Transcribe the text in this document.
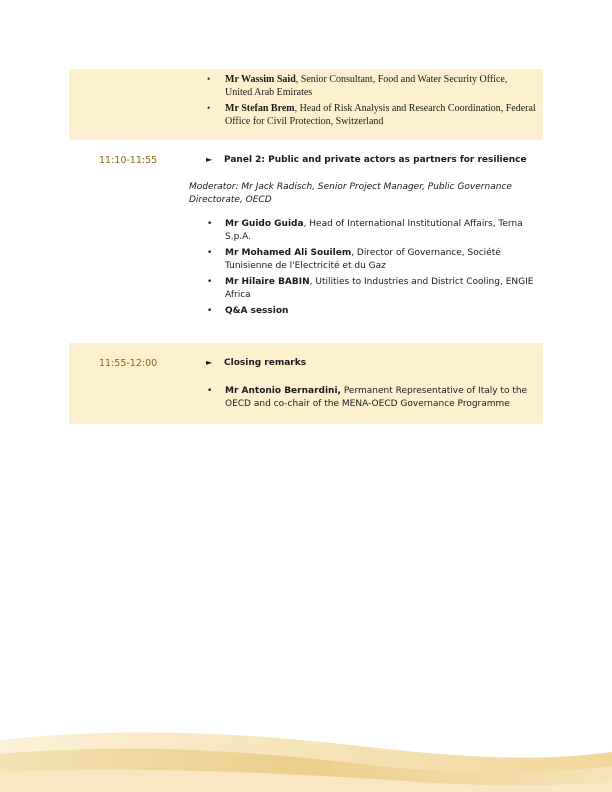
• Mr Wassim Said, Senior Consultant, Food and Water Security Office, United Arab Emirates
• Mr Stefan Brem, Head of Risk Analysis and Research Coordination, Federal Office for Civil Protection, Switzerland
11:10-11:55	► Panel 2: Public and private actors as partners for resilience
Moderator: Mr Jack Radisch, Senior Project Manager, Public Governance Directorate, OECD
• Mr Guido Guida, Head of International Institutional Affairs, Terna S.p.A.
• Mr Mohamed Ali Souilem, Director of Governance, Société Tunisienne de l'Electricité et du Gaz
• Mr Hilaire BABIN, Utilities to Industries and District Cooling, ENGIE Africa
• Q&A session
11:55-12:00	► Closing remarks
• Mr Antonio Bernardini, Permanent Representative of Italy to the OECD and co-chair of the MENA-OECD Governance Programme
